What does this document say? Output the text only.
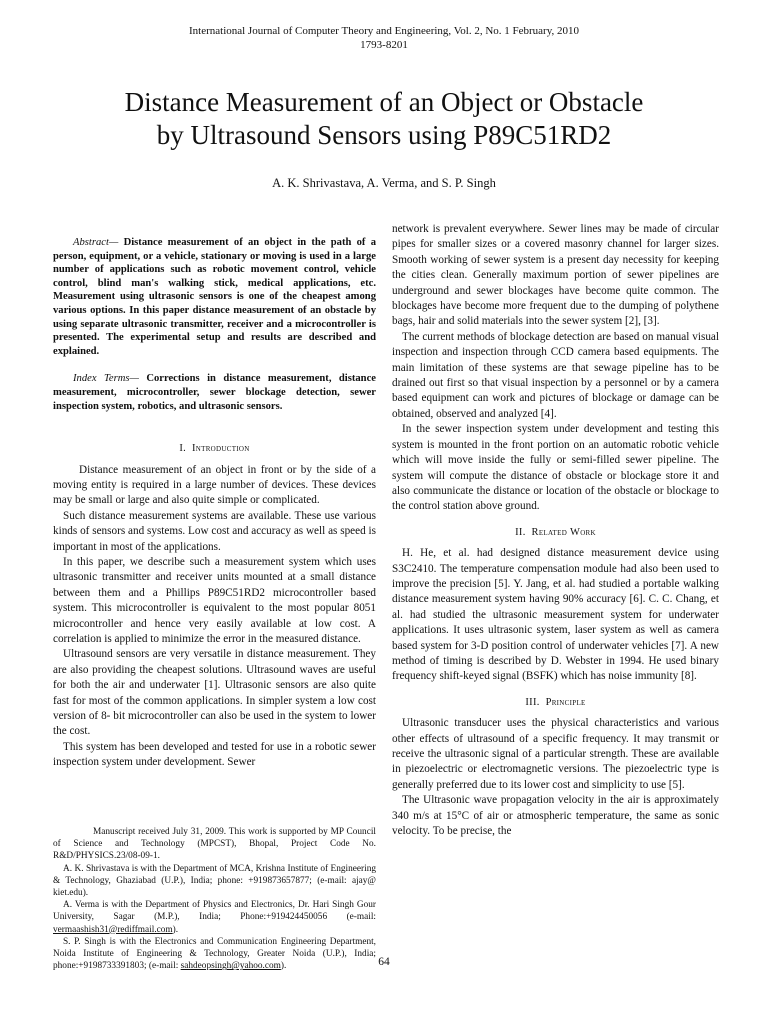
International Journal of Computer Theory and Engineering, Vol. 2, No. 1 February, 2010
1793-8201
Distance Measurement of an Object or Obstacle
by Ultrasound Sensors using P89C51RD2
A. K. Shrivastava, A. Verma, and S. P. Singh

Abstract— Distance measurement of an object in the path of a person, equipment, or a vehicle, stationary or moving is used in a large number of applications such as robotic movement control, vehicle control, blind man's walking stick, medical applications, etc. Measurement using ultrasonic sensors is one of the cheapest among various options. In this paper distance measurement of an obstacle by using separate ultrasonic transmitter, receiver and a microcontroller is presented. The experimental setup and results are described and explained.

Index Terms— Corrections in distance measurement, distance measurement, microcontroller, sewer blockage detection, sewer inspection system, robotics, and ultrasonic sensors.

I. Introduction

Distance measurement of an object in front or by the side of a moving entity is required in a large number of devices. These devices may be small or large and also quite simple or complicated.

Such distance measurement systems are available. These use various kinds of sensors and systems. Low cost and accuracy as well as speed is important in most of the applications.

In this paper, we describe such a measurement system which uses ultrasonic transmitter and receiver units mounted at a small distance between them and a Phillips P89C51RD2 microcontroller based system. This microcontroller is equivalent to the most popular 8051 microcontroller and hence very easily available at low cost. A correlation is applied to minimize the error in the measured distance.

Ultrasound sensors are very versatile in distance measurement. They are also providing the cheapest solutions. Ultrasound waves are useful for both the air and underwater [1]. Ultrasonic sensors are also quite fast for most of the common applications. In simpler system a low cost version of 8- bit microcontroller can also be used in the system to lower the cost.

This system has been developed and tested for use in a robotic sewer inspection system under development. Sewer

Manuscript received July 31, 2009. This work is supported by MP Council of Science and Technology (MPCST), Bhopal, Project Code No. R&D/PHYSICS.23/08-09-1.

A. K. Shrivastava is with the Department of MCA, Krishna Institute of Engineering & Technology, Ghaziabad (U.P.), India; phone: +919873657877; (e-mail: ajay@ kiet.edu).

A. Verma is with the Department of Physics and Electronics, Dr. Hari Singh Gour University, Sagar (M.P.), India; Phone:+919424450056 (e-mail: vermaashish31@rediffmail.com).

S. P. Singh is with the Electronics and Communication Engineering Department, Noida Institute of Engineering & Technology, Greater Noida (U.P.), India; phone:+9198733391803; (e-mail: sahdeopsingh@yahoo.com).

network is prevalent everywhere. Sewer lines may be made of circular pipes for smaller sizes or a covered masonry channel for larger sizes. Smooth working of sewer system is a present day necessity for keeping the cities clean. Generally maximum portion of sewer pipelines are underground and sewer blockages have become quite common. The blockages have become more frequent due to the dumping of polythene bags, hair and solid materials into the sewer system [2], [3].

The current methods of blockage detection are based on manual visual inspection and inspection through CCD camera based equipments. The main limitation of these systems are that sewage pipeline has to be drained out first so that visual inspection by a personnel or by a camera based equipment can work and pictures of blockage or damage can be obtained, observed and analyzed [4].

In the sewer inspection system under development and testing this system is mounted in the front portion on an automatic robotic vehicle which will move inside the fully or semi-filled sewer pipeline. The system will compute the distance of obstacle or blockage store it and also communicate the distance or location of the obstacle or blockage to the control station above ground.

II. Related Work

H. He, et al. had designed distance measurement device using S3C2410. The temperature compensation module had also been used to improve the precision [5]. Y. Jang, et al. had studied a portable walking distance measurement system having 90% accuracy [6]. C. C. Chang, et al. had studied the ultrasonic measurement system for underwater applications. It uses ultrasonic system, laser system as well as camera based system for 3-D position control of underwater vehicles [7]. A new method of timing is described by D. Webster in 1994. He used binary frequency shift-keyed signal (BSFK) which has noise immunity [8].

III. Principle

Ultrasonic transducer uses the physical characteristics and various other effects of ultrasound of a specific frequency. It may transmit or receive the ultrasonic signal of a particular strength. These are available in piezoelectric or electromagnetic versions. The piezoelectric type is generally preferred due to its lower cost and simplicity to use [5].

The Ultrasonic wave propagation velocity in the air is approximately 340 m/s at 15°C of air or atmospheric temperature, the same as sonic velocity. To be precise, the

64
